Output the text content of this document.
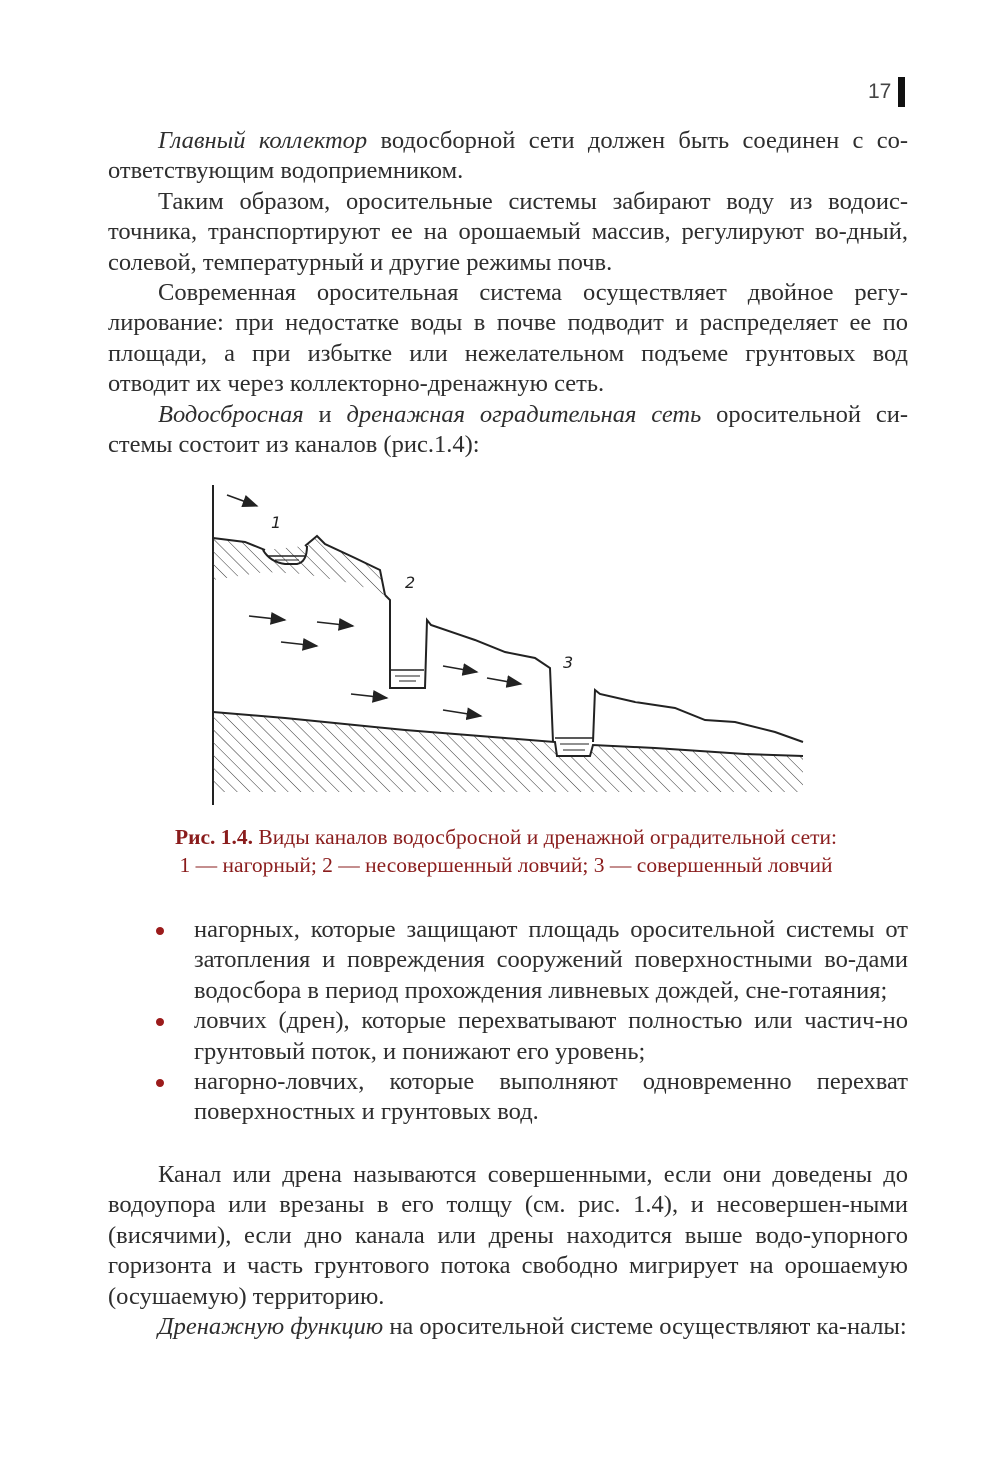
17

Главный коллектор водосборной сети должен быть соединен с со-ответствующим водоприемником.

Таким образом, оросительные системы забирают воду из водоис-точника, транспортируют ее на орошаемый массив, регулируют во-дный, солевой, температурный и другие режимы почв.

Современная оросительная система осуществляет двойное регу-лирование: при недостатке воды в почве подводит и распределяет ее по площади, а при избытке или нежелательном подъеме грунтовых вод отводит их через коллекторно-дренажную сеть.

Водосбросная и дренажная оградительная сеть оросительной си-стемы состоит из каналов (рис.1.4):

1
2
3
Рис. 1.4. Виды каналов водосбросной и дренажной оградительной сети:
1 — нагорный; 2 — несовершенный ловчий; 3 — совершенный ловчий
нагорных, которые защищают площадь оросительной системы от затопления и повреждения сооружений поверхностными во-дами водосбора в период прохождения ливневых дождей, сне-готаяния;
ловчих (дрен), которые перехватывают полностью или частич-но грунтовый поток, и понижают его уровень;
нагорно-ловчих, которые выполняют одновременно перехват поверхностных и грунтовых вод.

Канал или дрена называются совершенными, если они доведены до водоупора или врезаны в его толщу (см. рис. 1.4), и несовершен-ными (висячими), если дно канала или дрены находится выше водо-упорного горизонта и часть грунтового потока свободно мигрирует на орошаемую (осушаемую) территорию.

Дренажную функцию на оросительной системе осуществляют ка-налы:
